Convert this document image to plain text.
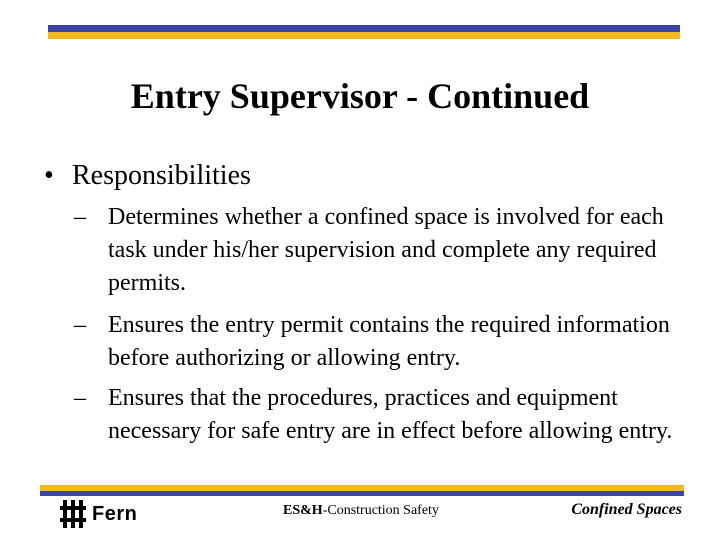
Entry Supervisor - Continued
• Responsibilities
– Determines whether a confined space is involved for each task under his/her supervision and complete any required permits.
– Ensures the entry permit contains the required information before authorizing or allowing entry.
– Ensures that the procedures, practices and equipment necessary for safe entry are in effect before allowing entry.
Fern	ES&H-Construction Safety	Confined Spaces
